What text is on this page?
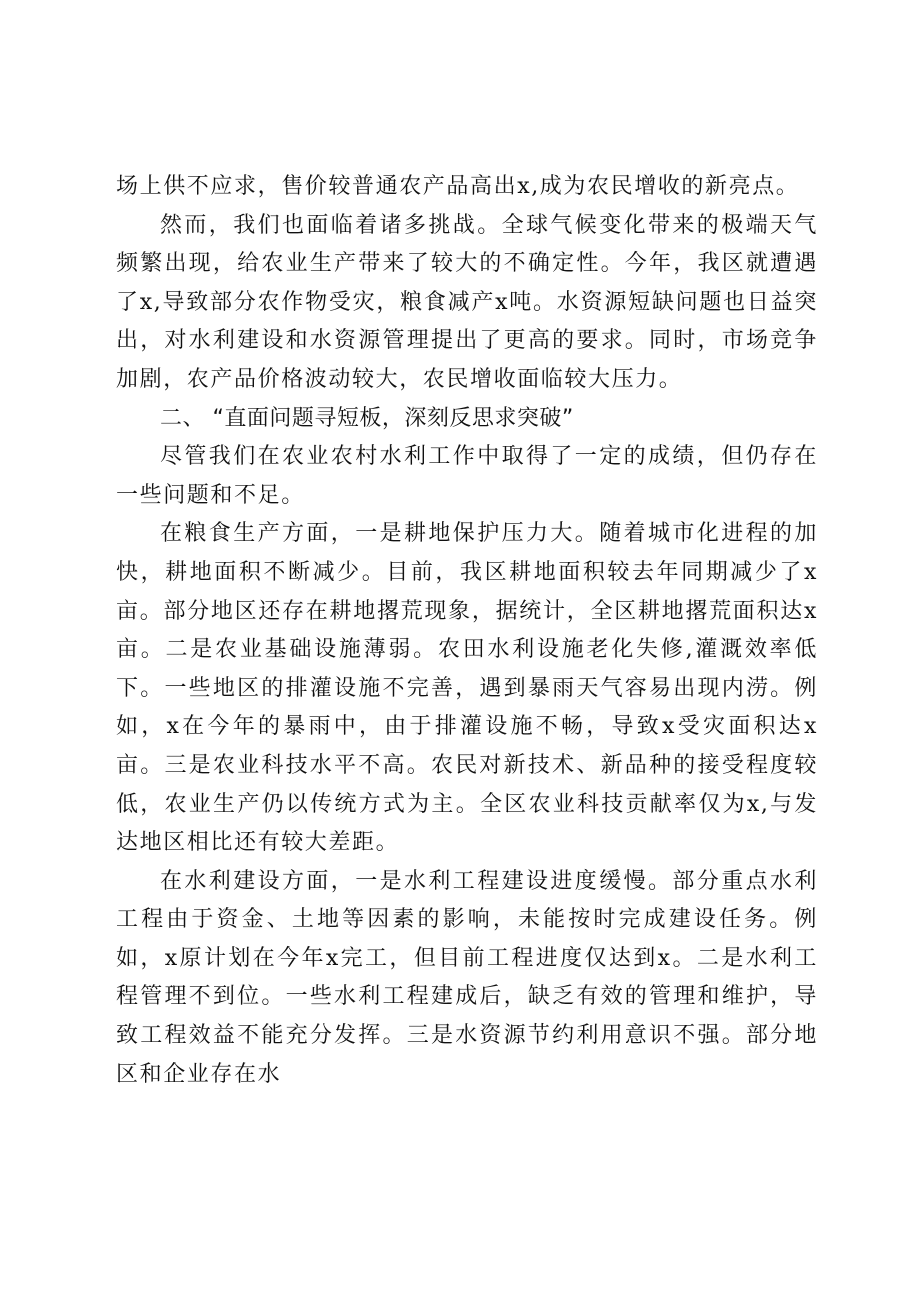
场上供不应求，售价较普通农产品高出x,成为农民增收的新亮点。

然而，我们也面临着诸多挑战。全球气候变化带来的极端天气频繁出现，给农业生产带来了较大的不确定性。今年，我区就遭遇了x,导致部分农作物受灾，粮食减产x吨。水资源短缺问题也日益突出，对水利建设和水资源管理提出了更高的要求。同时，市场竞争加剧，农产品价格波动较大，农民增收面临较大压力。

二、 “直面问题寻短板，深刻反思求突破”

尽管我们在农业农村水利工作中取得了一定的成绩，但仍存在一些问题和不足。

在粮食生产方面，一是耕地保护压力大。随着城市化进程的加快，耕地面积不断减少。目前，我区耕地面积较去年同期减少了x亩。部分地区还存在耕地撂荒现象，据统计，全区耕地撂荒面积达x亩。二是农业基础设施薄弱。农田水利设施老化失修,灌溉效率低下。一些地区的排灌设施不完善，遇到暴雨天气容易出现内涝。例如，x在今年的暴雨中，由于排灌设施不畅，导致x受灾面积达x亩。三是农业科技水平不高。农民对新技术、新品种的接受程度较低，农业生产仍以传统方式为主。全区农业科技贡献率仅为x,与发达地区相比还有较大差距。

在水利建设方面，一是水利工程建设进度缓慢。部分重点水利工程由于资金、土地等因素的影响，未能按时完成建设任务。例如，x原计划在今年x完工，但目前工程进度仅达到x。二是水利工程管理不到位。一些水利工程建成后，缺乏有效的管理和维护，导致工程效益不能充分发挥。三是水资源节约利用意识不强。部分地区和企业存在水
